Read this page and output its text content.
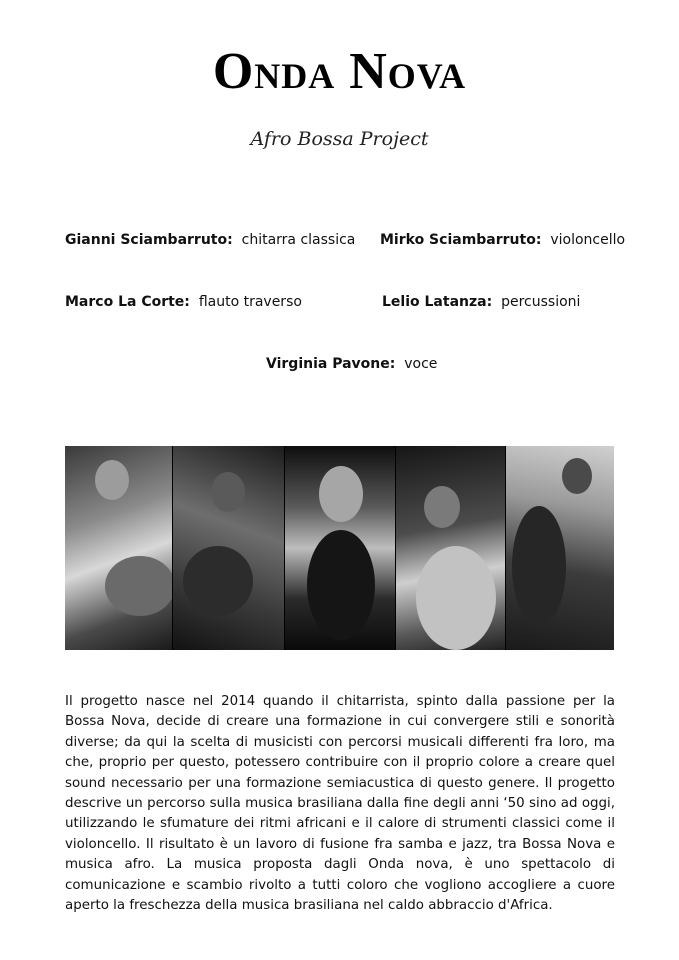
Onda Nova
Afro Bossa Project
Gianni Sciambarruto: chitarra classica Mirko Sciambarruto: violoncello
Marco La Corte: flauto traverso	Lelio Latanza: percussioni
Virginia Pavone: voce

Il progetto nasce nel 2014 quando il chitarrista, spinto dalla passione per la Bossa Nova, decide di creare una formazione in cui convergere stili e sonorità diverse; da qui la scelta di musicisti con percorsi musicali differenti fra loro, ma che, proprio per questo, potessero contribuire con il proprio colore a creare quel sound necessario per una formazione semiacustica di questo genere. Il progetto descrive un percorso sulla musica brasiliana dalla fine degli anni ‘50 sino ad oggi, utilizzando le sfumature dei ritmi africani e il calore di strumenti classici come il violoncello. Il risultato è un lavoro di fusione fra samba e jazz, tra Bossa Nova e musica afro. La musica proposta dagli Onda nova, è uno spettacolo di comunicazione e scambio rivolto a tutti coloro che vogliono accogliere a cuore aperto la freschezza della musica brasiliana nel caldo abbraccio d'Africa.
